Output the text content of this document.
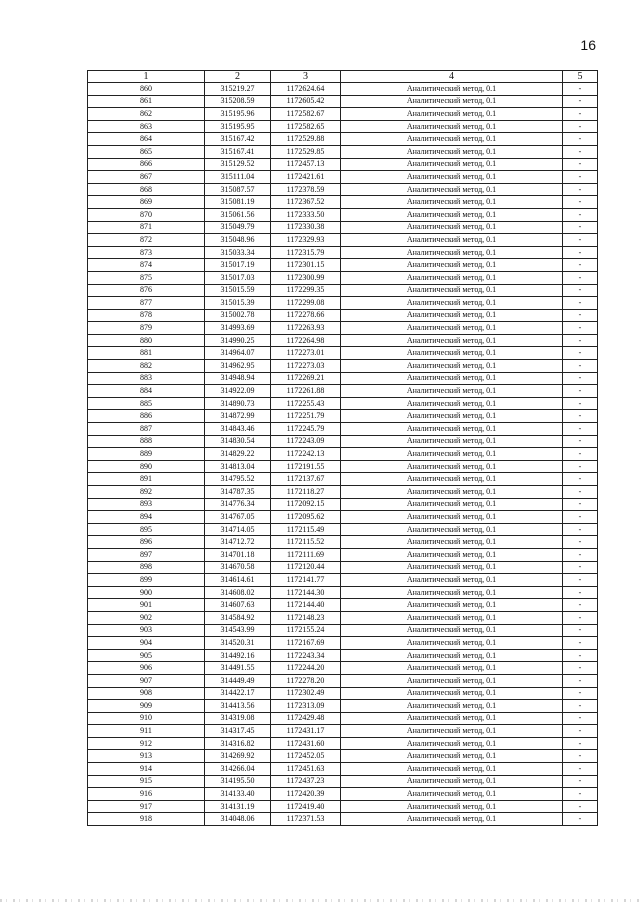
16
1	2	3	4	5
860	315219.27	1172624.64	Аналитический метод, 0.1	-
861	315208.59	1172605.42	Аналитический метод, 0.1	-
862	315195.96	1172582.67	Аналитический метод, 0.1	-
863	315195.95	1172582.65	Аналитический метод, 0.1	-
864	315167.42	1172529.88	Аналитический метод, 0.1	-
865	315167.41	1172529.85	Аналитический метод, 0.1	-
866	315129.52	1172457.13	Аналитический метод, 0.1	-
867	315111.04	1172421.61	Аналитический метод, 0.1	-
868	315087.57	1172378.59	Аналитический метод, 0.1	-
869	315081.19	1172367.52	Аналитический метод, 0.1	-
870	315061.56	1172333.50	Аналитический метод, 0.1	-
871	315049.79	1172330.38	Аналитический метод, 0.1	-
872	315048.96	1172329.93	Аналитический метод, 0.1	-
873	315033.34	1172315.79	Аналитический метод, 0.1	-
874	315017.19	1172301.15	Аналитический метод, 0.1	-
875	315017.03	1172300.99	Аналитический метод, 0.1	-
876	315015.59	1172299.35	Аналитический метод, 0.1	-
877	315015.39	1172299.08	Аналитический метод, 0.1	-
878	315002.78	1172278.66	Аналитический метод, 0.1	-
879	314993.69	1172263.93	Аналитический метод, 0.1	-
880	314990.25	1172264.98	Аналитический метод, 0.1	-
881	314964.07	1172273.01	Аналитический метод, 0.1	-
882	314962.95	1172273.03	Аналитический метод, 0.1	-
883	314948.94	1172269.21	Аналитический метод, 0.1	-
884	314922.09	1172261.88	Аналитический метод, 0.1	-
885	314890.73	1172255.43	Аналитический метод, 0.1	-
886	314872.99	1172251.79	Аналитический метод, 0.1	-
887	314843.46	1172245.79	Аналитический метод, 0.1	-
888	314830.54	1172243.09	Аналитический метод, 0.1	-
889	314829.22	1172242.13	Аналитический метод, 0.1	-
890	314813.04	1172191.55	Аналитический метод, 0.1	-
891	314795.52	1172137.67	Аналитический метод, 0.1	-
892	314787.35	1172118.27	Аналитический метод, 0.1	-
893	314776.34	1172092.15	Аналитический метод, 0.1	-
894	314767.05	1172095.62	Аналитический метод, 0.1	-
895	314714.05	1172115.49	Аналитический метод, 0.1	-
896	314712.72	1172115.52	Аналитический метод, 0.1	-
897	314701.18	1172111.69	Аналитический метод, 0.1	-
898	314670.58	1172120.44	Аналитический метод, 0.1	-
899	314614.61	1172141.77	Аналитический метод, 0.1	-
900	314608.02	1172144.30	Аналитический метод, 0.1	-
901	314607.63	1172144.40	Аналитический метод, 0.1	-
902	314584.92	1172148.23	Аналитический метод, 0.1	-
903	314543.99	1172155.24	Аналитический метод, 0.1	-
904	314520.31	1172167.69	Аналитический метод, 0.1	-
905	314492.16	1172243.34	Аналитический метод, 0.1	-
906	314491.55	1172244.20	Аналитический метод, 0.1	-
907	314449.49	1172278.20	Аналитический метод, 0.1	-
908	314422.17	1172302.49	Аналитический метод, 0.1	-
909	314413.56	1172313.09	Аналитический метод, 0.1	-
910	314319.08	1172429.48	Аналитический метод, 0.1	-
911	314317.45	1172431.17	Аналитический метод, 0.1	-
912	314316.82	1172431.60	Аналитический метод, 0.1	-
913	314269.92	1172452.05	Аналитический метод, 0.1	-
914	314266.04	1172451.63	Аналитический метод, 0.1	-
915	314195.50	1172437.23	Аналитический метод, 0.1	-
916	314133.40	1172420.39	Аналитический метод, 0.1	-
917	314131.19	1172419.40	Аналитический метод, 0.1	-
918	314048.06	1172371.53	Аналитический метод, 0.1	-
